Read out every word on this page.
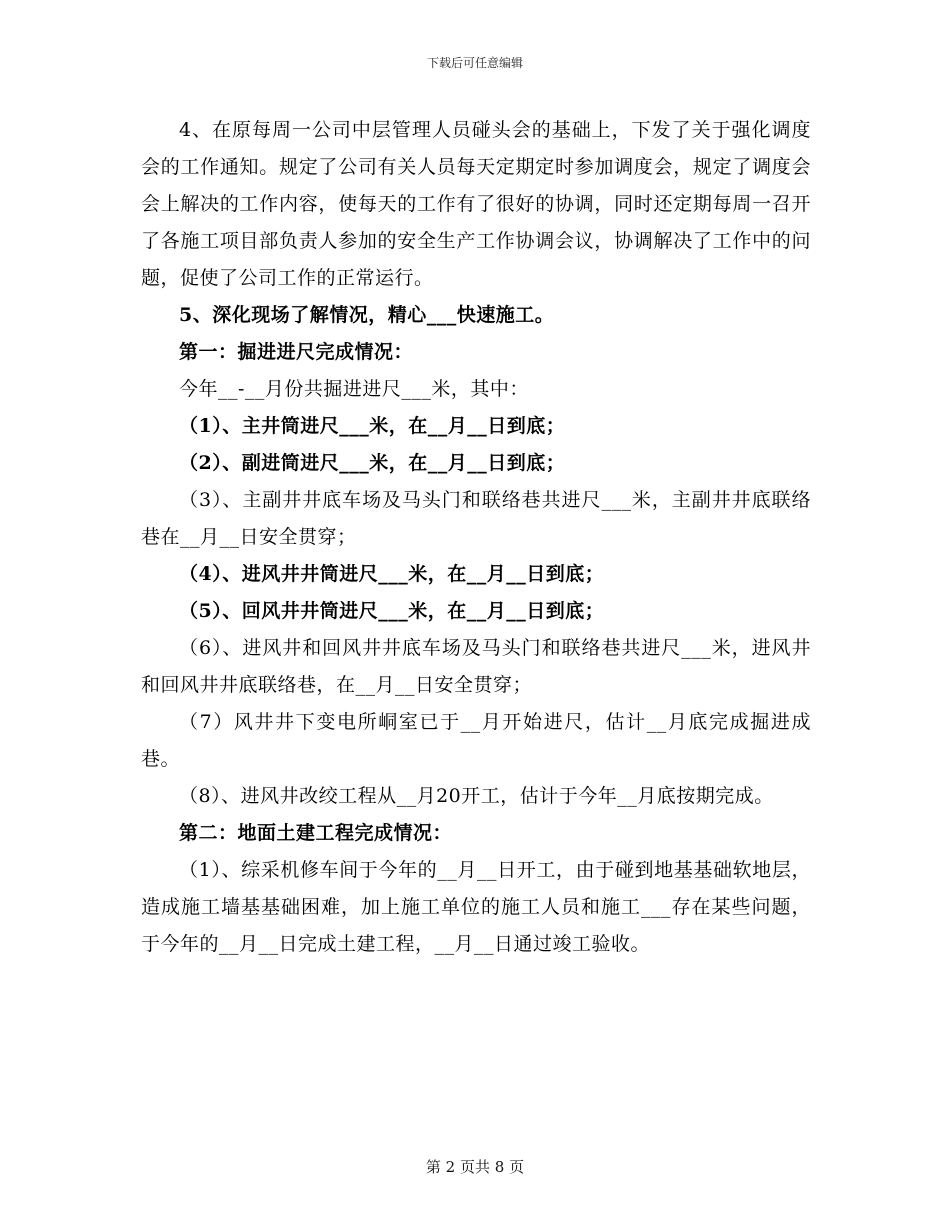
下载后可任意编辑

4、在原每周一公司中层管理人员碰头会的基础上，下发了关于强化调度会的工作通知。规定了公司有关人员每天定期定时参加调度会，规定了调度会会上解决的工作内容，使每天的工作有了很好的协调，同时还定期每周一召开了各施工项目部负责人参加的安全生产工作协调会议，协调解决了工作中的问题，促使了公司工作的正常运行。

5、深化现场了解情况，精心___快速施工。

第一：掘进进尺完成情况：

今年__-__月份共掘进进尺___米，其中：

（1）、主井筒进尺___米，在__月__日到底；

（2）、副进筒进尺___米，在__月__日到底；

（3）、主副井井底车场及马头门和联络巷共进尺___米，主副井井底联络巷在__月__日安全贯穿；

（4）、进风井井筒进尺___米，在__月__日到底；

（5）、回风井井筒进尺___米，在__月__日到底；

（6）、进风井和回风井井底车场及马头门和联络巷共进尺___米，进风井和回风井井底联络巷，在__月__日安全贯穿；

（7）风井井下变电所峒室已于__月开始进尺，估计__月底完成掘进成巷。

（8）、进风井改绞工程从__月20开工，估计于今年__月底按期完成。

第二：地面土建工程完成情况：

（1）、综采机修车间于今年的__月__日开工，由于碰到地基基础软地层，造成施工墙基基础困难，加上施工单位的施工人员和施工___存在某些问题，于今年的__月__日完成土建工程，__月__日通过竣工验收。

第 2 页共 8 页
